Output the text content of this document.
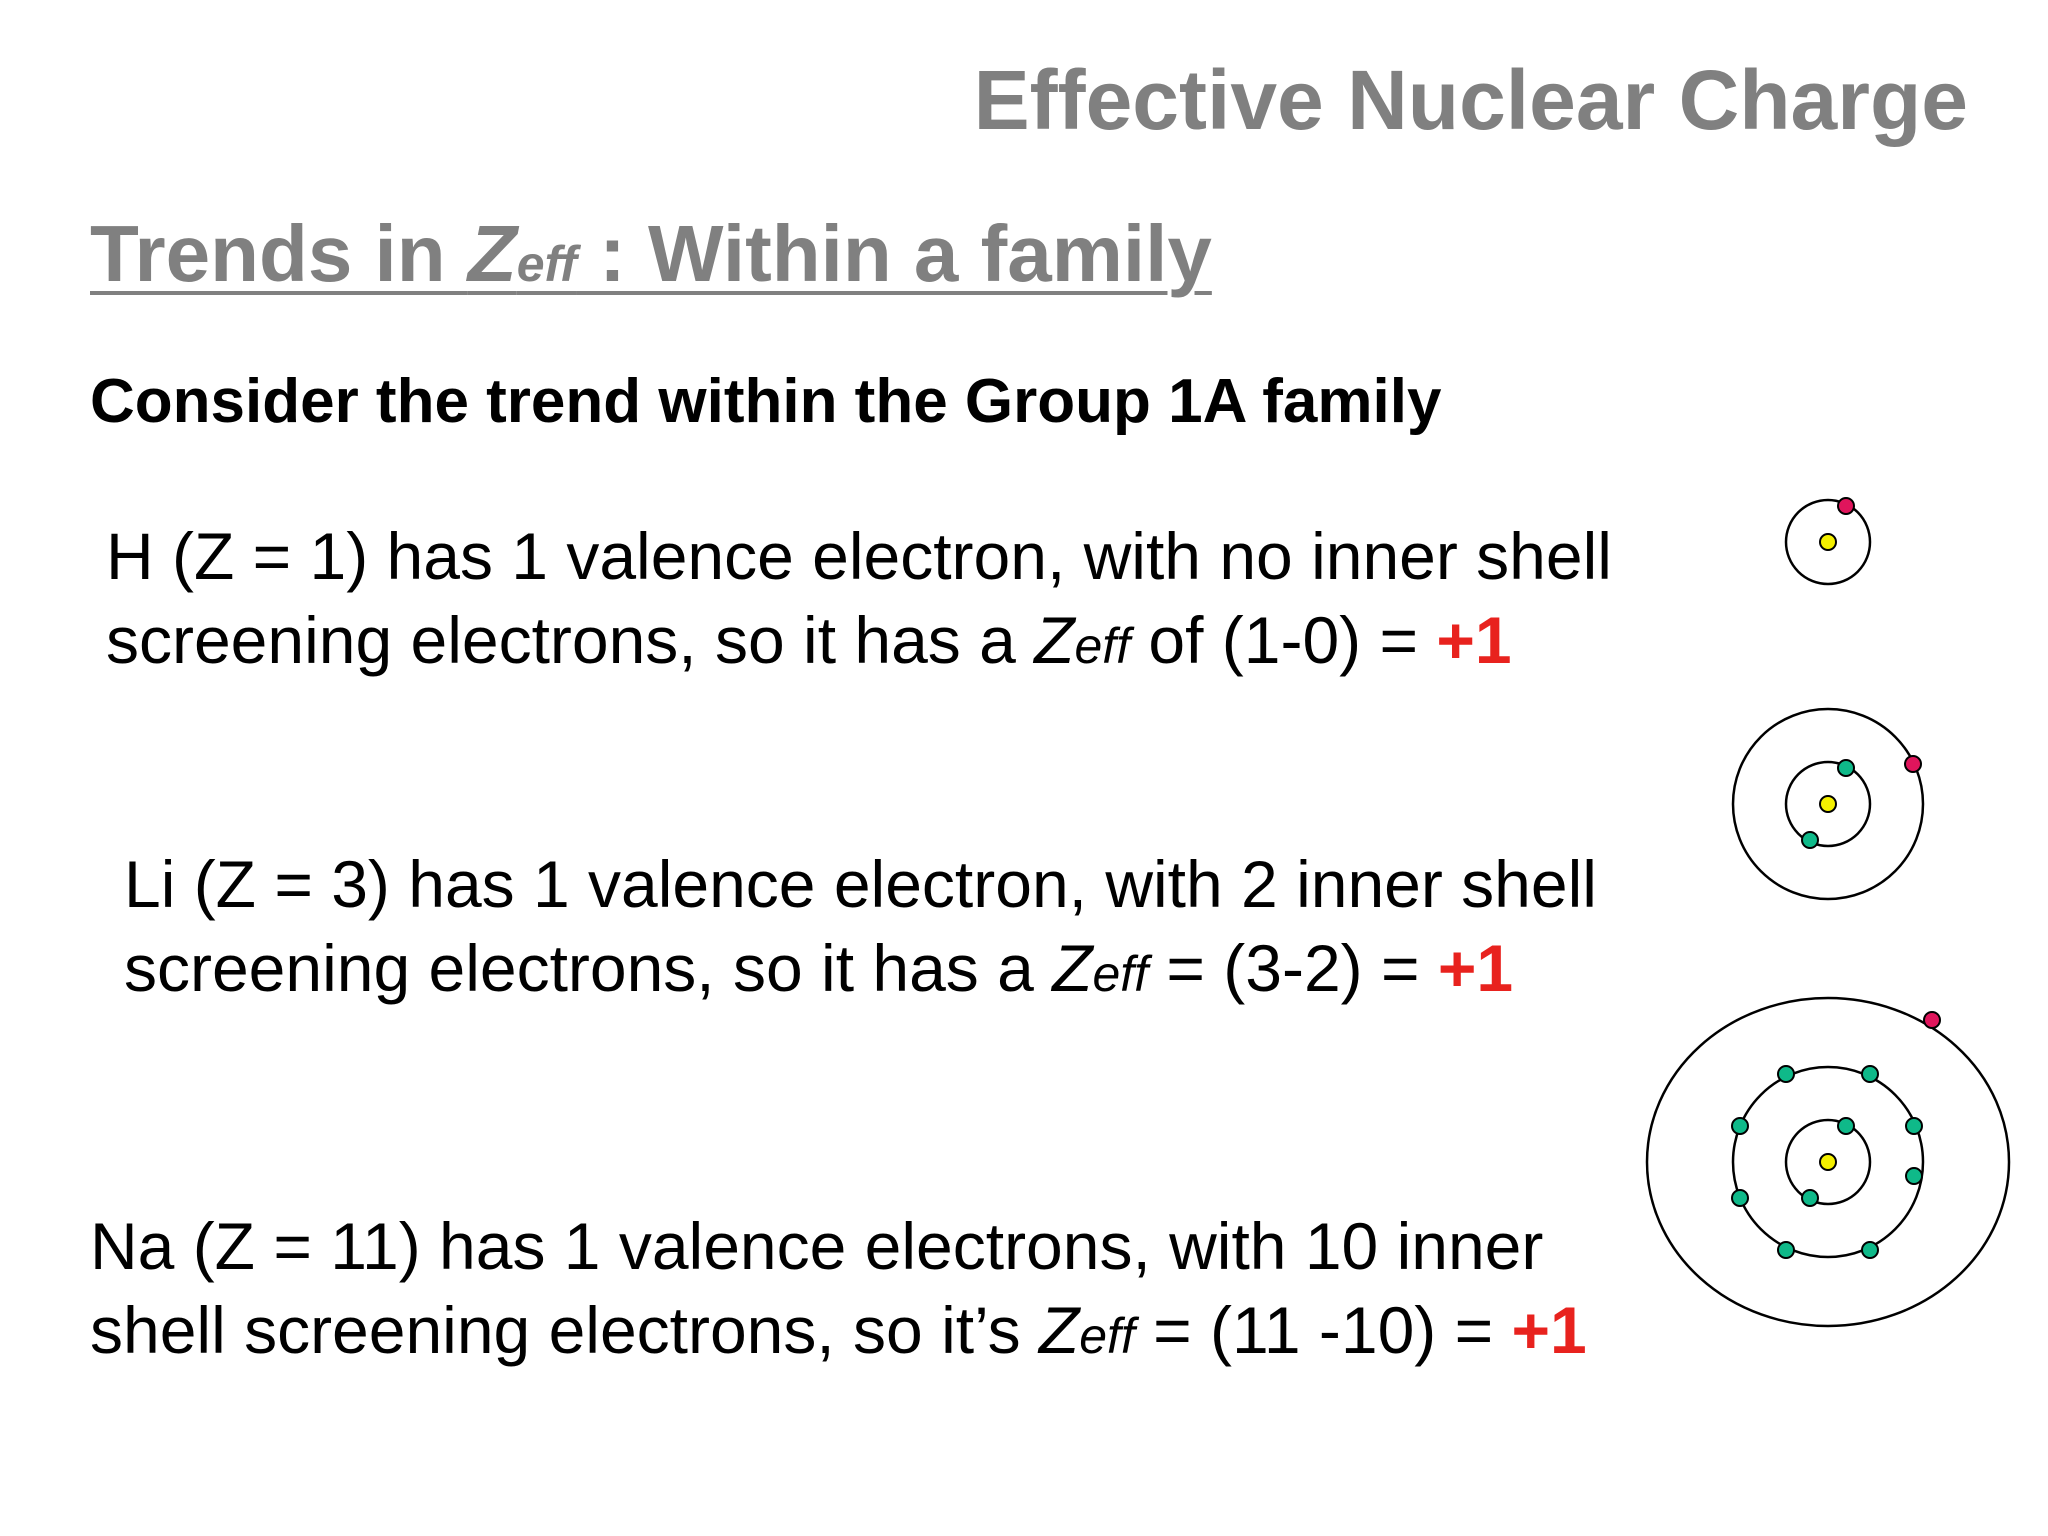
Effective Nuclear Charge
Trends in Zeff : Within a family
Consider the trend within the Group 1A family
H (Z = 1) has 1 valence electron, with no inner shell
screening electrons, so it has a Zeff of (1-0) = +1
Li (Z = 3) has 1 valence electron, with 2 inner shell
screening electrons, so it has a Zeff = (3-2) = +1
Na (Z = 11) has 1 valence electrons, with 10 inner
shell screening electrons, so it’s Zeff = (11 -10) = +1
